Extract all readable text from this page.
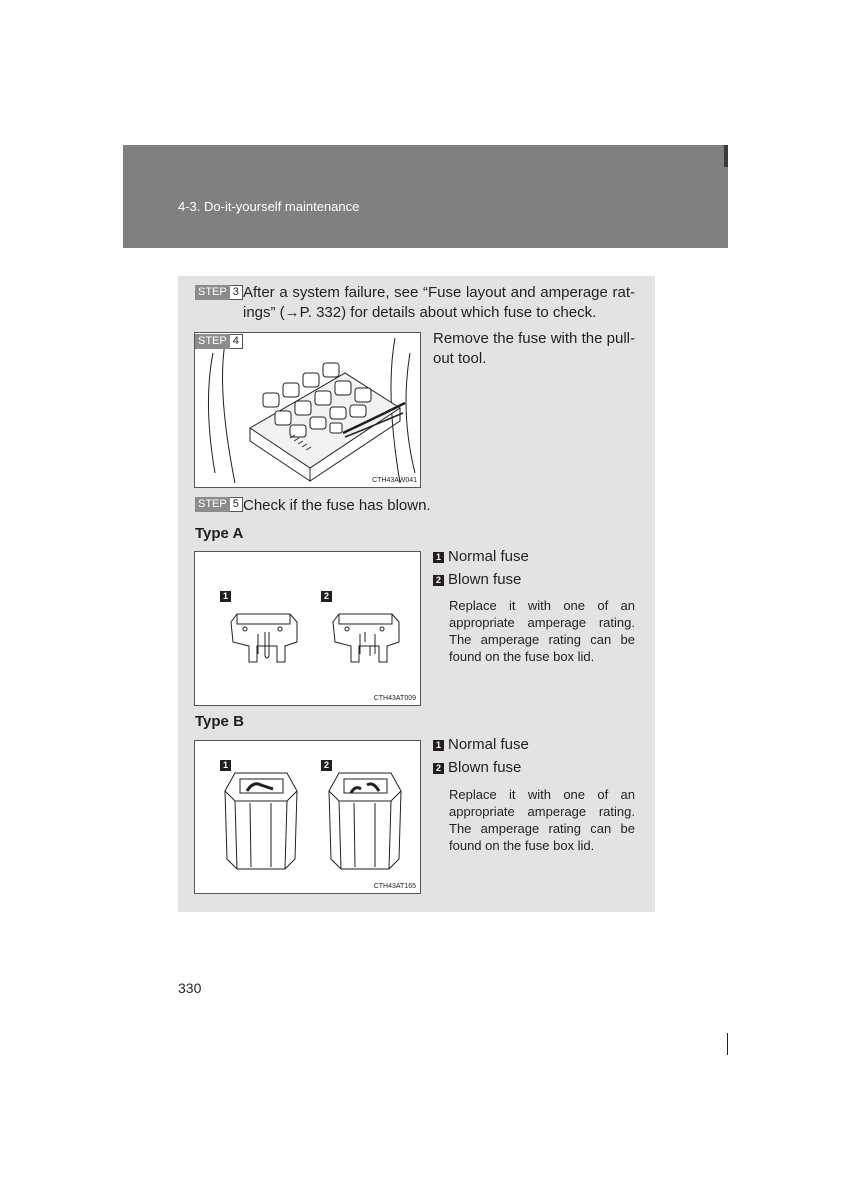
4-3. Do-it-yourself maintenance
STEP 3 After a system failure, see “Fuse layout and amperage rat-
ings” (→P. 332) for details about which fuse to check.
CTH43AW041
STEP 4	Remove the fuse with the pull-
out tool.
STEP 5 Check if the fuse has blown.
Type A
1	2
CTH43AT009
1 Normal fuse
2 Blown fuse
Replace it with one of an
appropriate amperage rating.
The amperage rating can be
found on the fuse box lid.
Type B
1	2
CTH43AT165
1 Normal fuse
2 Blown fuse
Replace it with one of an
appropriate amperage rating.
The amperage rating can be
found on the fuse box lid.
330
